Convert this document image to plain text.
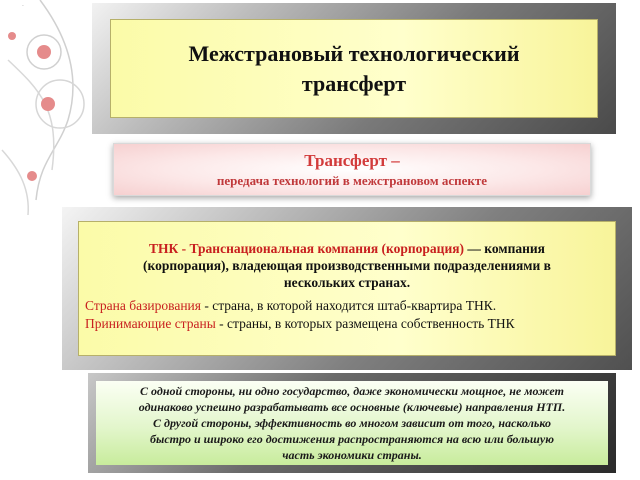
·
Межстрановый технологический
трансферт
Трансферт –
передача технологий в межстрановом аспекте
ТНК - Транснациональная компания (корпорация) — компания
(корпорация), владеющая производственными подразделениями в
нескольких странах.
Страна базирования - страна, в которой находится штаб-квартира ТНК.
Принимающие страны - страны, в которых размещена собственность ТНК
С одной стороны, ни одно государство, даже экономически мощное, не может
одинаково успешно разрабатывать все основные (ключевые) направления НТП.
С другой стороны, эффективность во многом зависит от того, насколько
быстро и широко его достижения распространяются на всю или большую
часть экономики страны.
